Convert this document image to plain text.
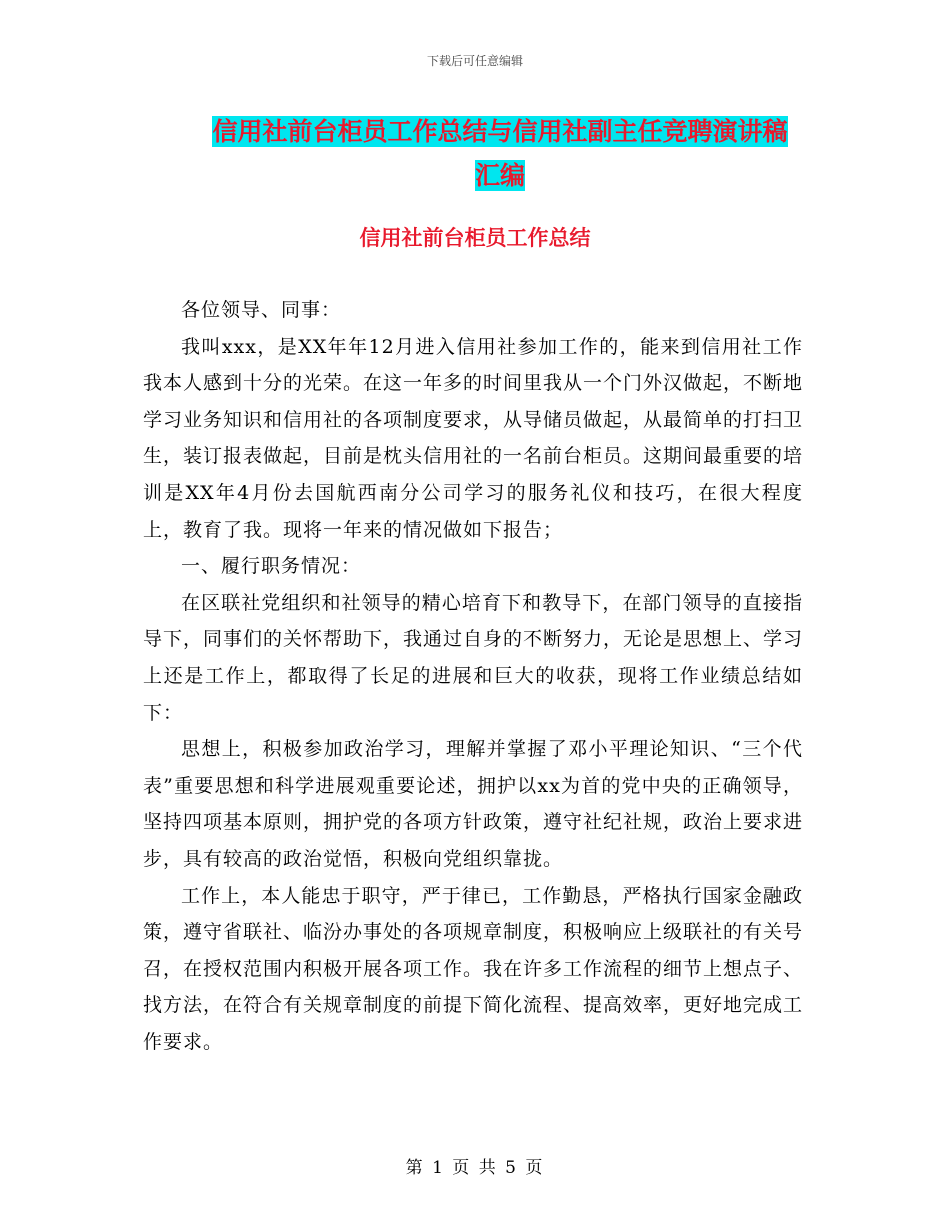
下载后可任意编辑
信用社前台柜员工作总结与信用社副主任竞聘演讲稿
汇编
信用社前台柜员工作总结

各位领导、同事：

我叫xxx，是XX年年12月进入信用社参加工作的，能来到信用社工作我本人感到十分的光荣。在这一年多的时间里我从一个门外汉做起，不断地学习业务知识和信用社的各项制度要求，从导储员做起，从最简单的打扫卫生，装订报表做起，目前是枕头信用社的一名前台柜员。这期间最重要的培训是XX年4月份去国航西南分公司学习的服务礼仪和技巧，在很大程度上，教育了我。现将一年来的情况做如下报告；

一、履行职务情况：

在区联社党组织和社领导的精心培育下和教导下，在部门领导的直接指导下，同事们的关怀帮助下，我通过自身的不断努力，无论是思想上、学习上还是工作上，都取得了长足的进展和巨大的收获，现将工作业绩总结如下：

思想上，积极参加政治学习，理解并掌握了邓小平理论知识、“三个代表”重要思想和科学进展观重要论述，拥护以xx为首的党中央的正确领导，坚持四项基本原则，拥护党的各项方针政策，遵守社纪社规，政治上要求进步，具有较高的政治觉悟，积极向党组织靠拢。

工作上，本人能忠于职守，严于律已，工作勤恳，严格执行国家金融政策，遵守省联社、临汾办事处的各项规章制度，积极响应上级联社的有关号召，在授权范围内积极开展各项工作。我在许多工作流程的细节上想点子、找方法，在符合有关规章制度的前提下简化流程、提高效率，更好地完成工作要求。

第 1 页 共 5 页
